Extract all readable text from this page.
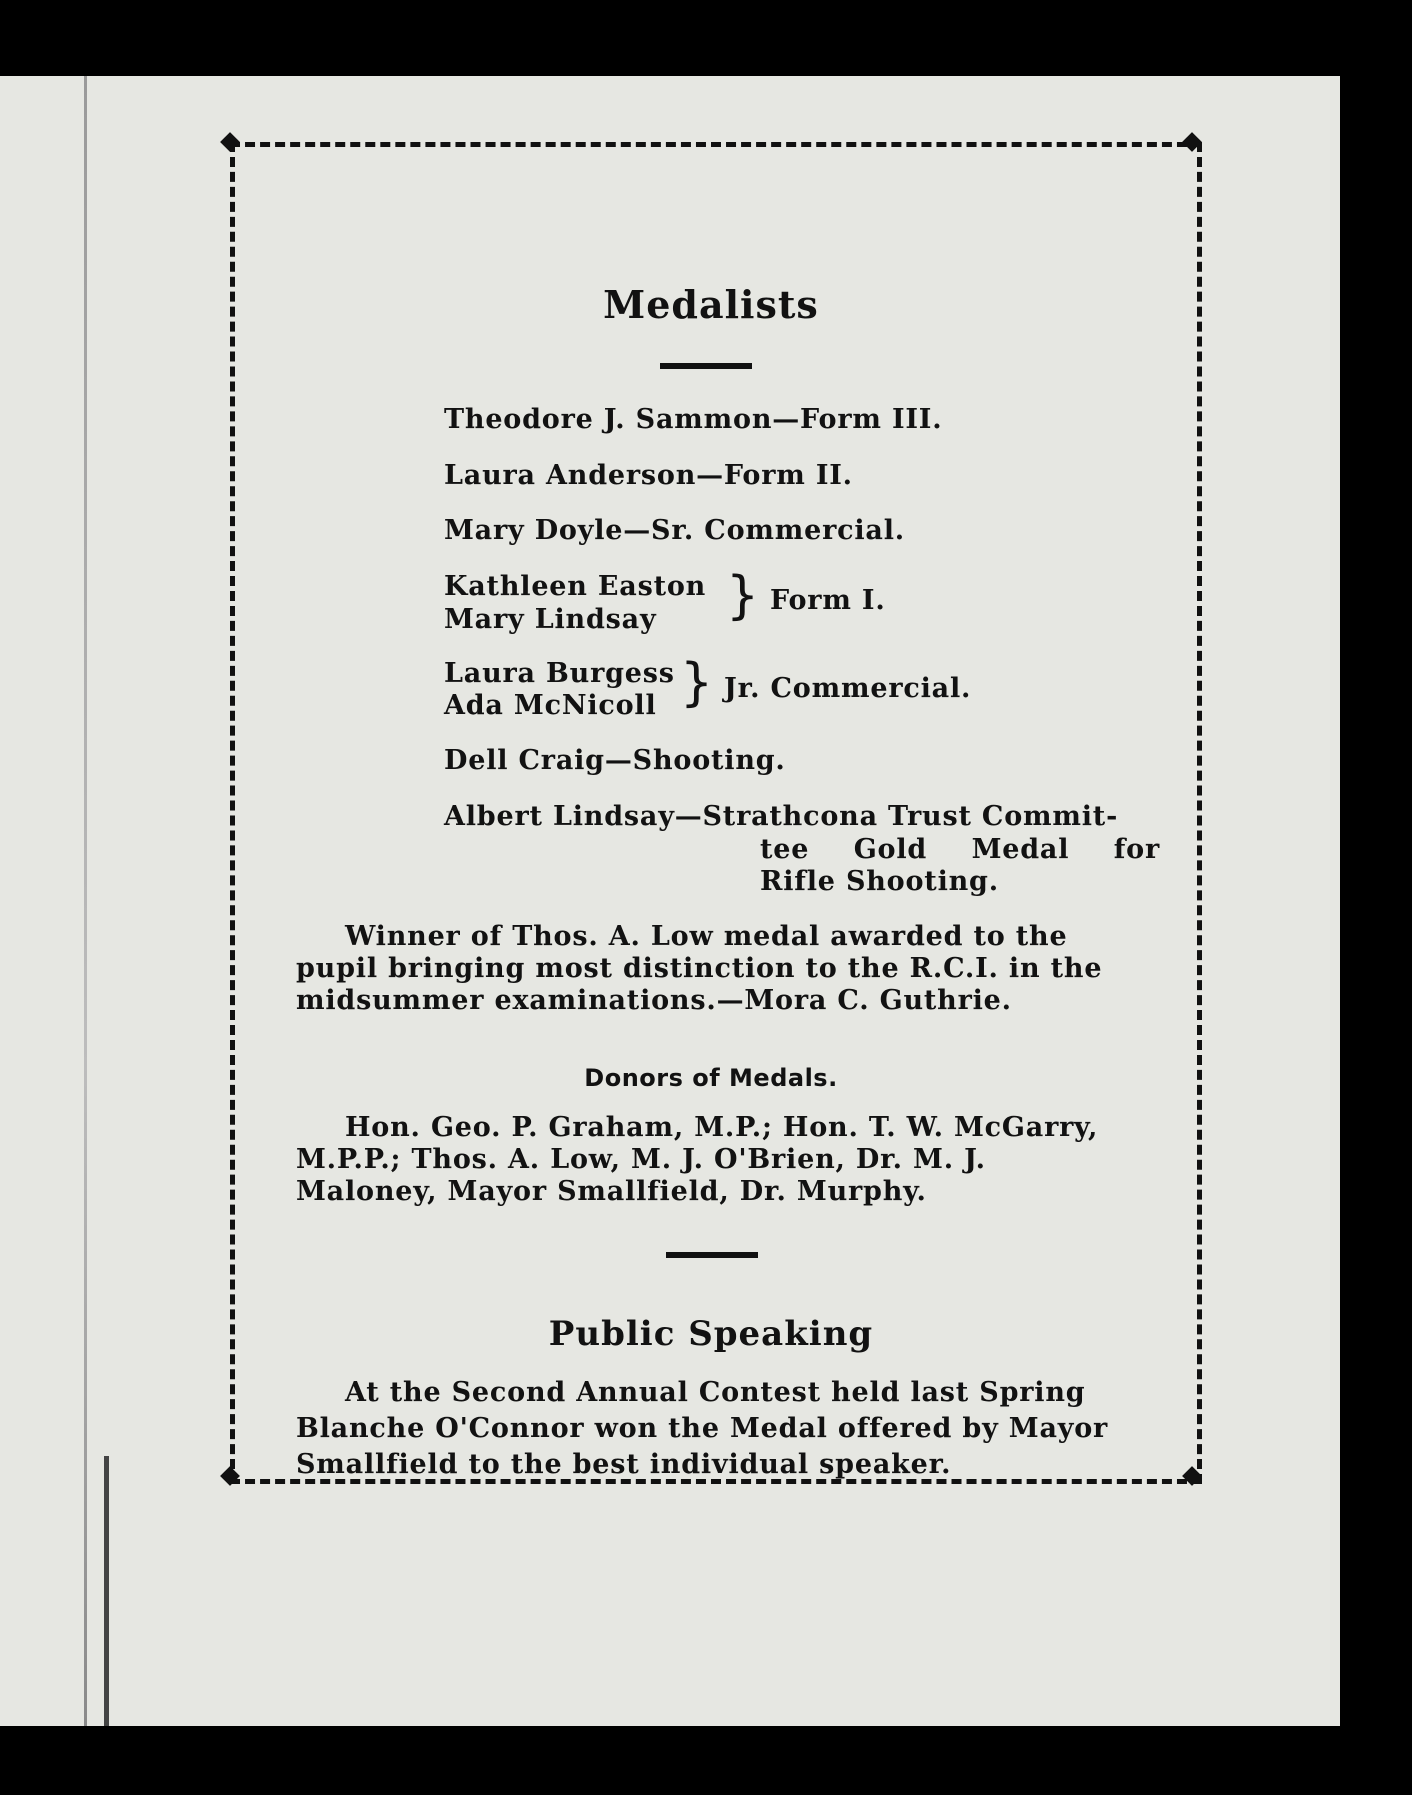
Medalists
Theodore J. Sammon—Form III.
Laura Anderson—Form II.
Mary Doyle—Sr. Commercial.
Kathleen Easton
Mary Lindsay } Form I.
Laura Burgess
Ada McNicoll } Jr. Commercial.
Dell Craig—Shooting.
Albert Lindsay—Strathcona Trust Commit-
tee Gold Medal for
Rifle Shooting.
Winner of Thos. A. Low medal awarded to the
pupil bringing most distinction to the R.C.I. in the
midsummer examinations.—Mora C. Guthrie.
Donors of Medals.
Hon. Geo. P. Graham, M.P.; Hon. T. W. McGarry,
M.P.P.; Thos. A. Low, M. J. O'Brien, Dr. M. J.
Maloney, Mayor Smallfield, Dr. Murphy.
Public Speaking
At the Second Annual Contest held last Spring
Blanche O'Connor won the Medal offered by Mayor
Smallfield to the best individual speaker.
